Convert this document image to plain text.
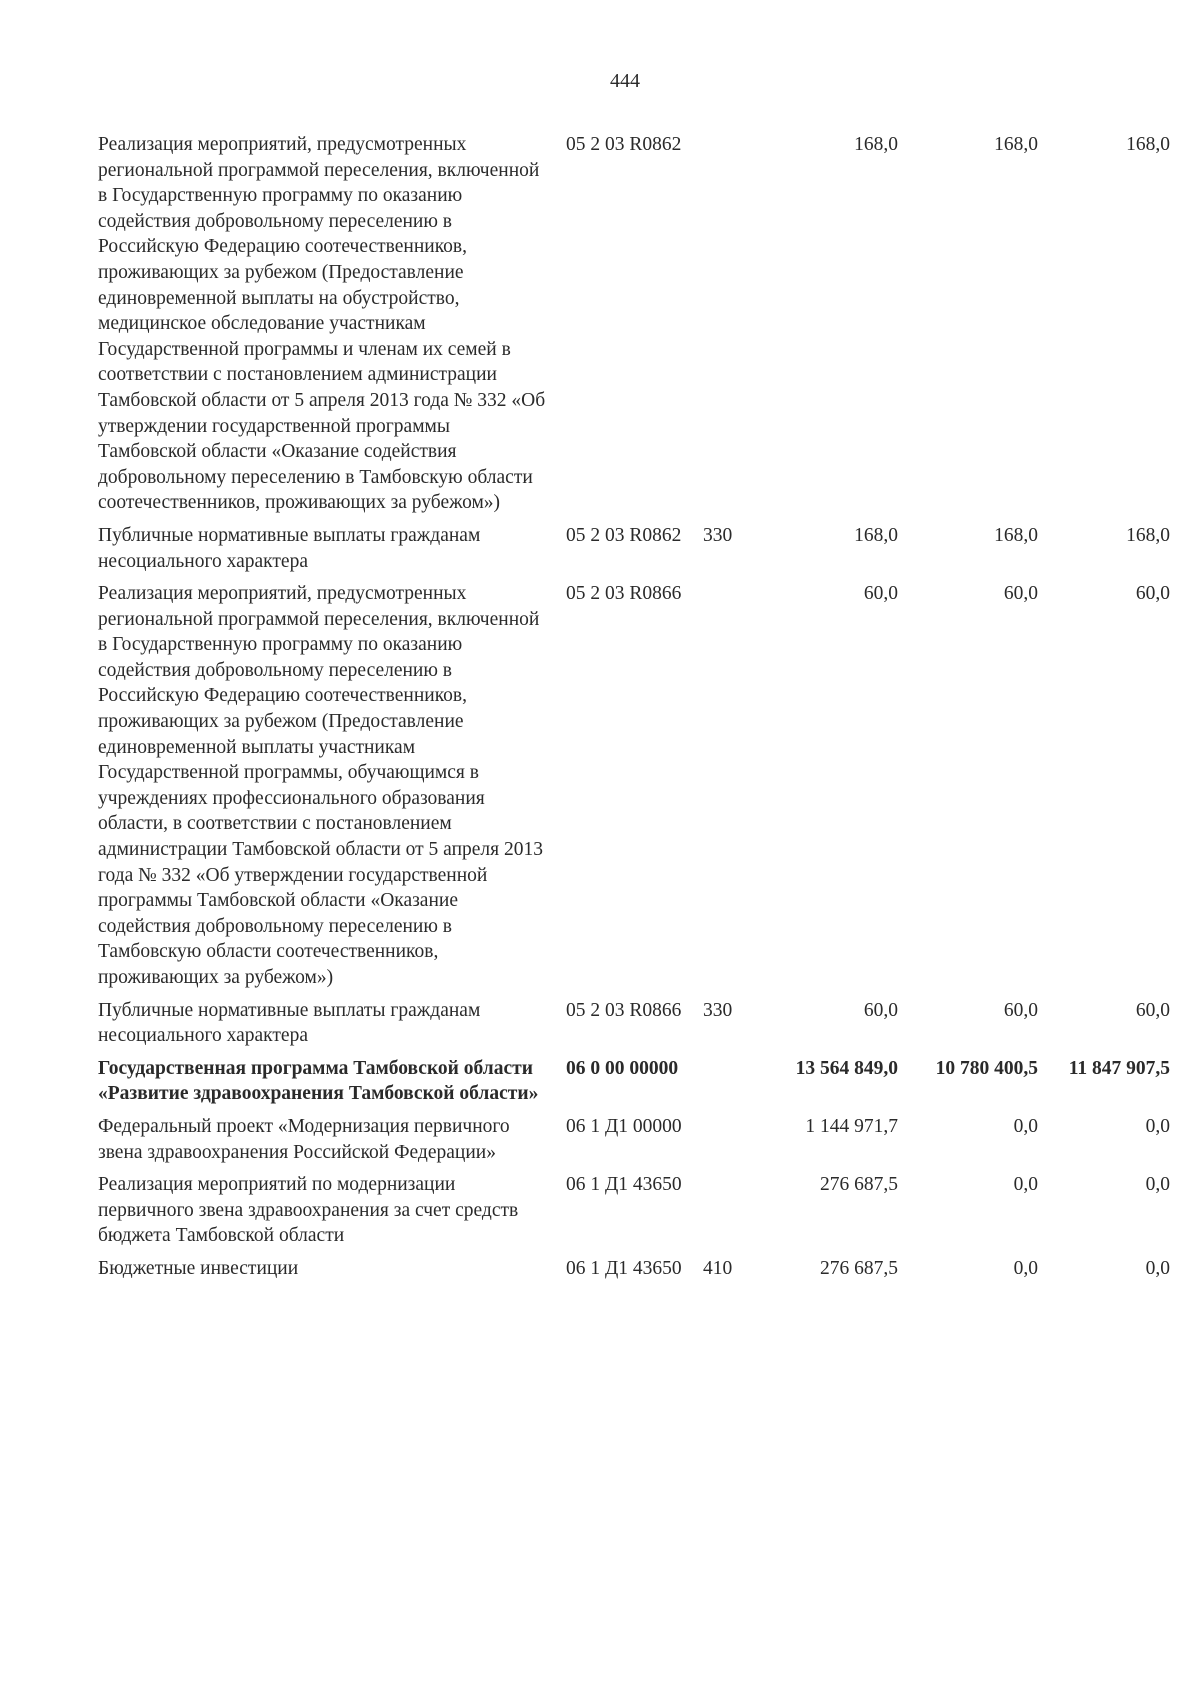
444
Реализация мероприятий, предусмотренных региональной программой переселения, включенной в Государственную программу по оказанию содействия добровольному переселению в Российскую Федерацию соотечественников, проживающих за рубежом (Предоставление единовременной выплаты на обустройство, медицинское обследование участникам Государственной программы и членам их семей в соответствии с постановлением администрации Тамбовской области от 5 апреля 2013 года № 332 «Об утверждении государственной программы Тамбовской области «Оказание содействия добровольному переселению в Тамбовскую области соотечественников, проживающих за рубежом»)	05 2 03 R0862		168,0	168,0	168,0
Публичные нормативные выплаты гражданам несоциального характера	05 2 03 R0862	330	168,0	168,0	168,0
Реализация мероприятий, предусмотренных региональной программой переселения, включенной в Государственную программу по оказанию содействия добровольному переселению в Российскую Федерацию соотечественников, проживающих за рубежом (Предоставление единовременной выплаты участникам Государственной программы, обучающимся в учреждениях профессионального образования области, в соответствии с постановлением администрации Тамбовской области от 5 апреля 2013 года № 332 «Об утверждении государственной программы Тамбовской области «Оказание содействия добровольному переселению в Тамбовскую области соотечественников, проживающих за рубежом»)	05 2 03 R0866		60,0	60,0	60,0
Публичные нормативные выплаты гражданам несоциального характера	05 2 03 R0866	330	60,0	60,0	60,0
Государственная программа Тамбовской области «Развитие здравоохранения Тамбовской области»	06 0 00 00000		13 564 849,0	10 780 400,5	11 847 907,5
Федеральный проект «Модернизация первичного звена здравоохранения Российской Федерации»	06 1 Д1 00000		1 144 971,7	0,0	0,0
Реализация мероприятий по модернизации первичного звена здравоохранения за счет средств бюджета Тамбовской области	06 1 Д1 43650		276 687,5	0,0	0,0
Бюджетные инвестиции	06 1 Д1 43650	410	276 687,5	0,0	0,0
